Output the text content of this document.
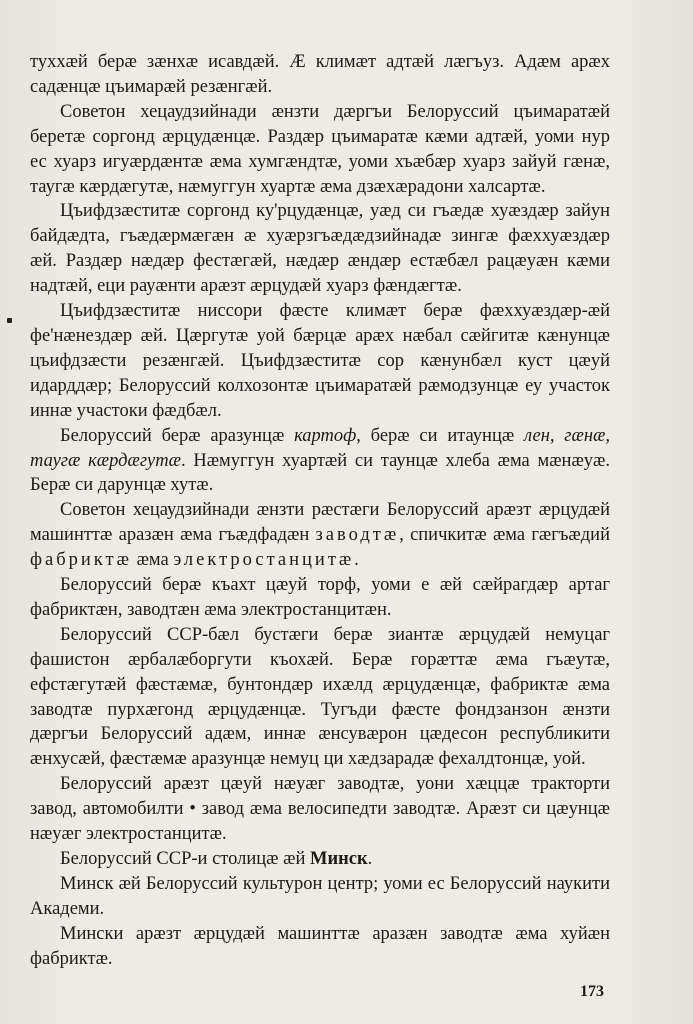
туххæй берæ зæнхæ исавдæй. Æ климæт адтæй лæгъуз. Адæм арæх садæнцæ цъимарæй резæнгæй.

Советон хецаудзийнади æнзти дæргъи Белоруссий цъимаратæй беретæ соргонд æрцудæнцæ. Раздæр цъимаратæ кæми адтæй, уоми нур ес хуарз игуæрдæнтæ æма хумгæндтæ, уоми хъæбæр хуарз зайуй гæнæ, таугæ кæрдæгутæ, нæмуггун хуартæ æма дзæхæрадони халсартæ.

Цъифдзæститæ соргонд ку'рцудæнцæ, уæд си гъæдæ хуæздæр зайун байдæдта, гъæдæрмæгæн æ хуæрзгъæдæдзийнадæ зингæ фæххуæздæр æй. Раздæр нæдæр фестæгæй, нæдæр æндæр естæбæл рацæуæн кæми надтæй, еци рауæнти арæзт æрцудæй хуарз фæндæгтæ.

Цъифдзæститæ ниссори фæсте климæт берæ фæххуæздæр-æй фе'нæнездæр æй. Цæргутæ уой бæрцæ арæх нæбал сæйгитæ кæнунцæ цъифдзæсти резæнгæй. Цъифдзæститæ сор кæнунбæл куст цæуй идарддæр; Белоруссий колхозонтæ цъимаратæй рæмодзунцæ еу участок иннæ участоки фæдбæл.

Белоруссий берæ аразунцæ картоф, берæ си итаунцæ лен, гæнæ, таугæ кæрдæгутæ. Нæмуггун хуартæй си таунцæ хлеба æма мæнæуæ. Берæ си дарунцæ хутæ.

Советон хецаудзийнади æнзти рæстæги Белоруссий арæзт æрцудæй машинттæ аразæн æма гъæдфадæн заводтæ, спичкитæ æма гæгъæдий фабриктæ æма электростанцитæ.

Белоруссий берæ къахт цæуй торф, уоми е æй сæйрагдæр артаг фабриктæн, заводтæн æма электростанцитæн.

Белоруссий ССР-бæл бустæги берæ зиантæ æрцудæй немуцаг фашистон æрбалæборгути къохæй. Берæ горæттæ æма гъæутæ, ефстæгутæй фæстæмæ, бунтондæр ихæлд æрцудæнцæ, фабриктæ æма заводтæ пурхæгонд æрцудæнцæ. Тугъди фæсте фондзанзон æнзти дæргъи Белоруссий адæм, иннæ æнсувæрон цæдесон республикити æнхусæй, фæстæмæ аразунцæ немуц ци хæдзарадæ фехалдтонцæ, уой.

Белоруссий арæзт цæуй нæуæг заводтæ, уони хæццæ тракторти завод, автомобилти • завод æма велосипедти заводтæ. Арæзт си цæунцæ нæуæг электростанцитæ.

Белоруссий ССР-и столицæ æй Минск.

Минск æй Белоруссий культурон центр; уоми ес Белоруссий наукити Академи.

Мински арæзт æрцудæй машинттæ аразæн заводтæ æма хуйæн фабриктæ.

173
